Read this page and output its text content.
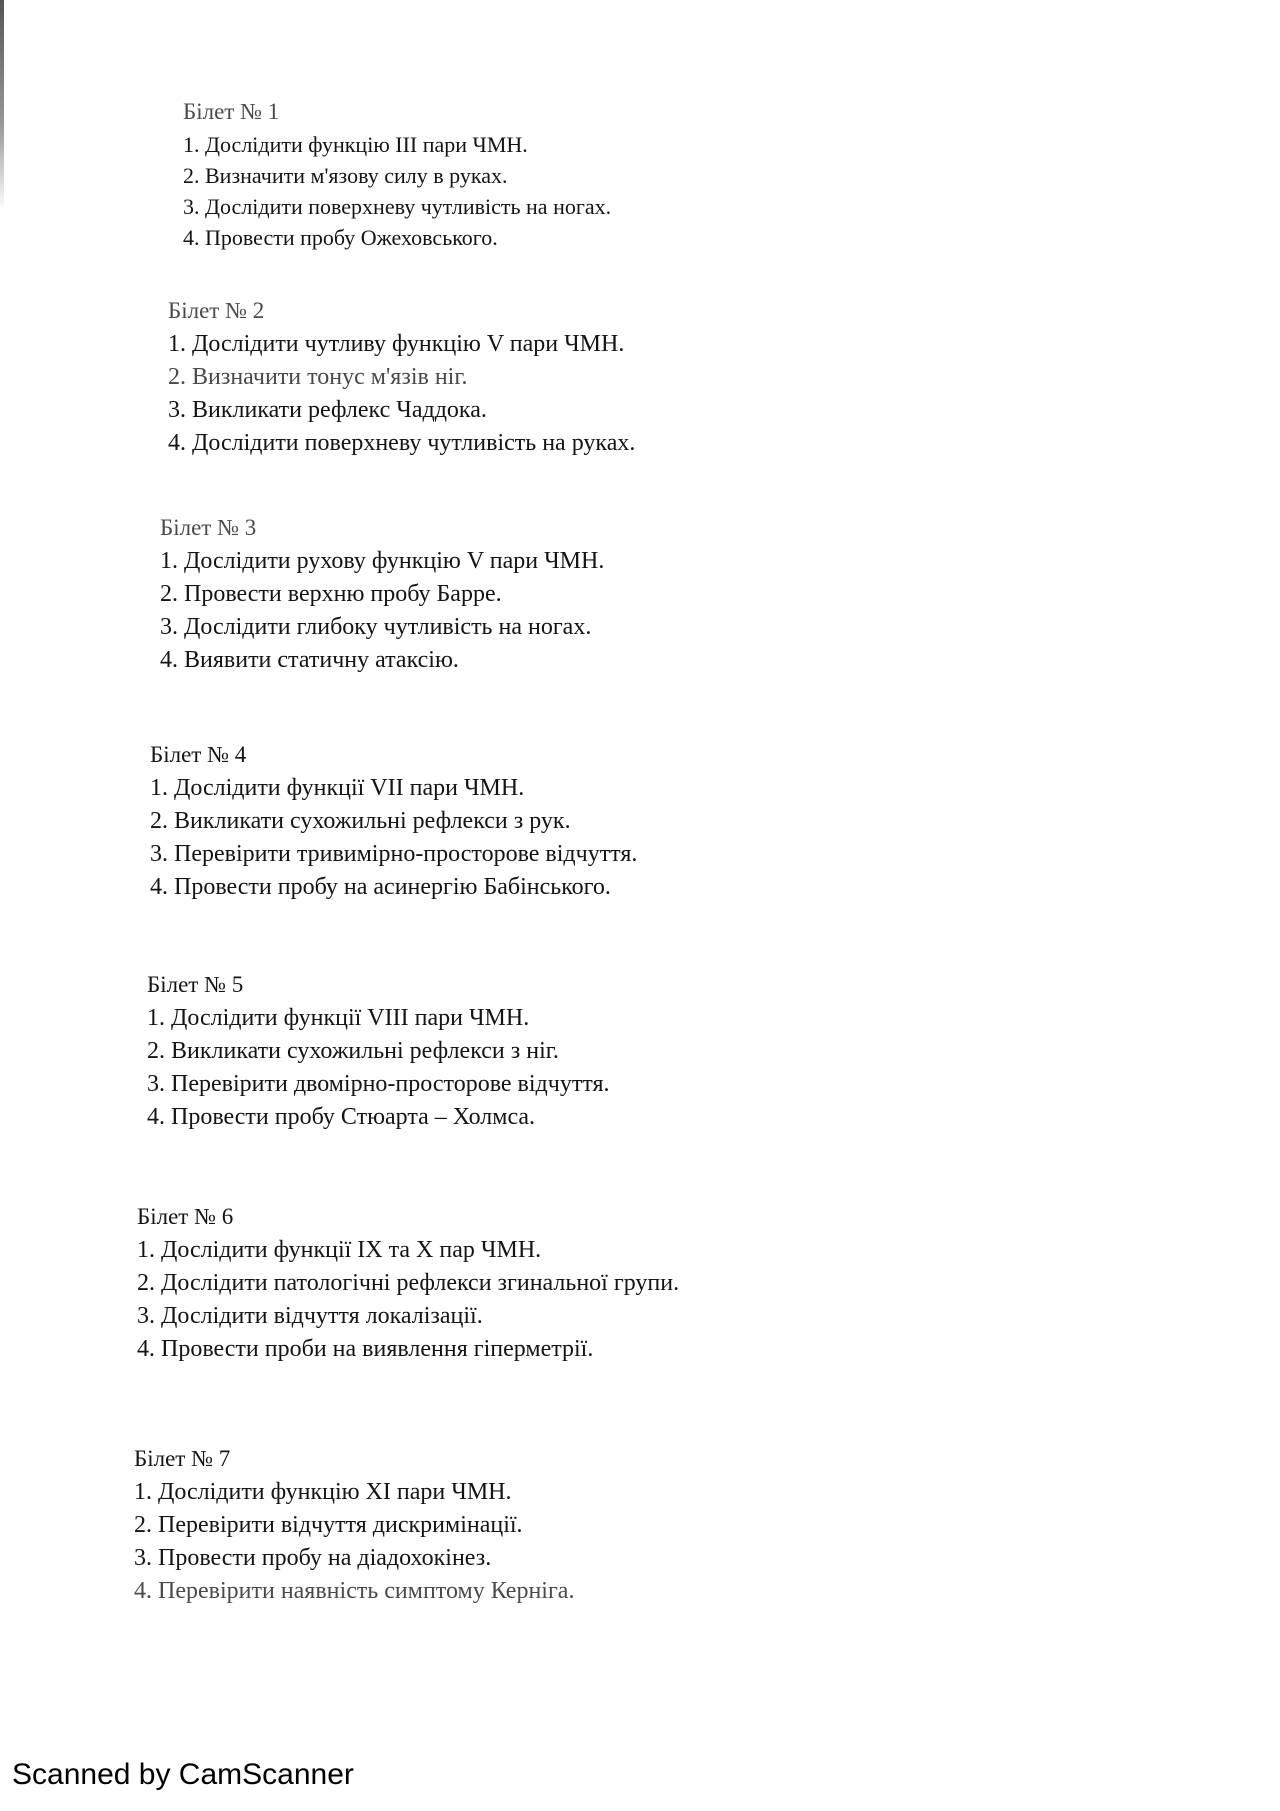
Білет № 1
1. Дослідити функцію III пари ЧМН.
2. Визначити м'язову силу в руках.
3. Дослідити поверхневу чутливість на ногах.
4. Провести пробу Ожеховського.
Білет № 2
1. Дослідити чутливу функцію V пари ЧМН.
2. Визначити тонус м'язів ніг.
3. Викликати рефлекс Чаддока.
4. Дослідити поверхневу чутливість на руках.
Білет № 3
1. Дослідити рухову функцію V пари ЧМН.
2. Провести верхню пробу Барре.
3. Дослідити глибоку чутливість на ногах.
4. Виявити статичну атаксію.
Білет № 4
1. Дослідити функції VII пари ЧМН.
2. Викликати сухожильні рефлекси з рук.
3. Перевірити тривимірно-просторове відчуття.
4. Провести пробу на асинергію Бабінського.
Білет № 5
1. Дослідити функції VIII пари ЧМН.
2. Викликати сухожильні рефлекси з ніг.
3. Перевірити двомірно-просторове відчуття.
4. Провести пробу Стюарта – Холмса.
Білет № 6
1. Дослідити функції IX та X пар ЧМН.
2. Дослідити патологічні рефлекси згинальної групи.
3. Дослідити відчуття локалізації.
4. Провести проби на виявлення гіперметрії.
Білет № 7
1. Дослідити функцію XI пари ЧМН.
2. Перевірити відчуття дискримінації.
3. Провести пробу на діадохокінез.
4. Перевірити наявність симптому Керніга.
Scanned by CamScanner
